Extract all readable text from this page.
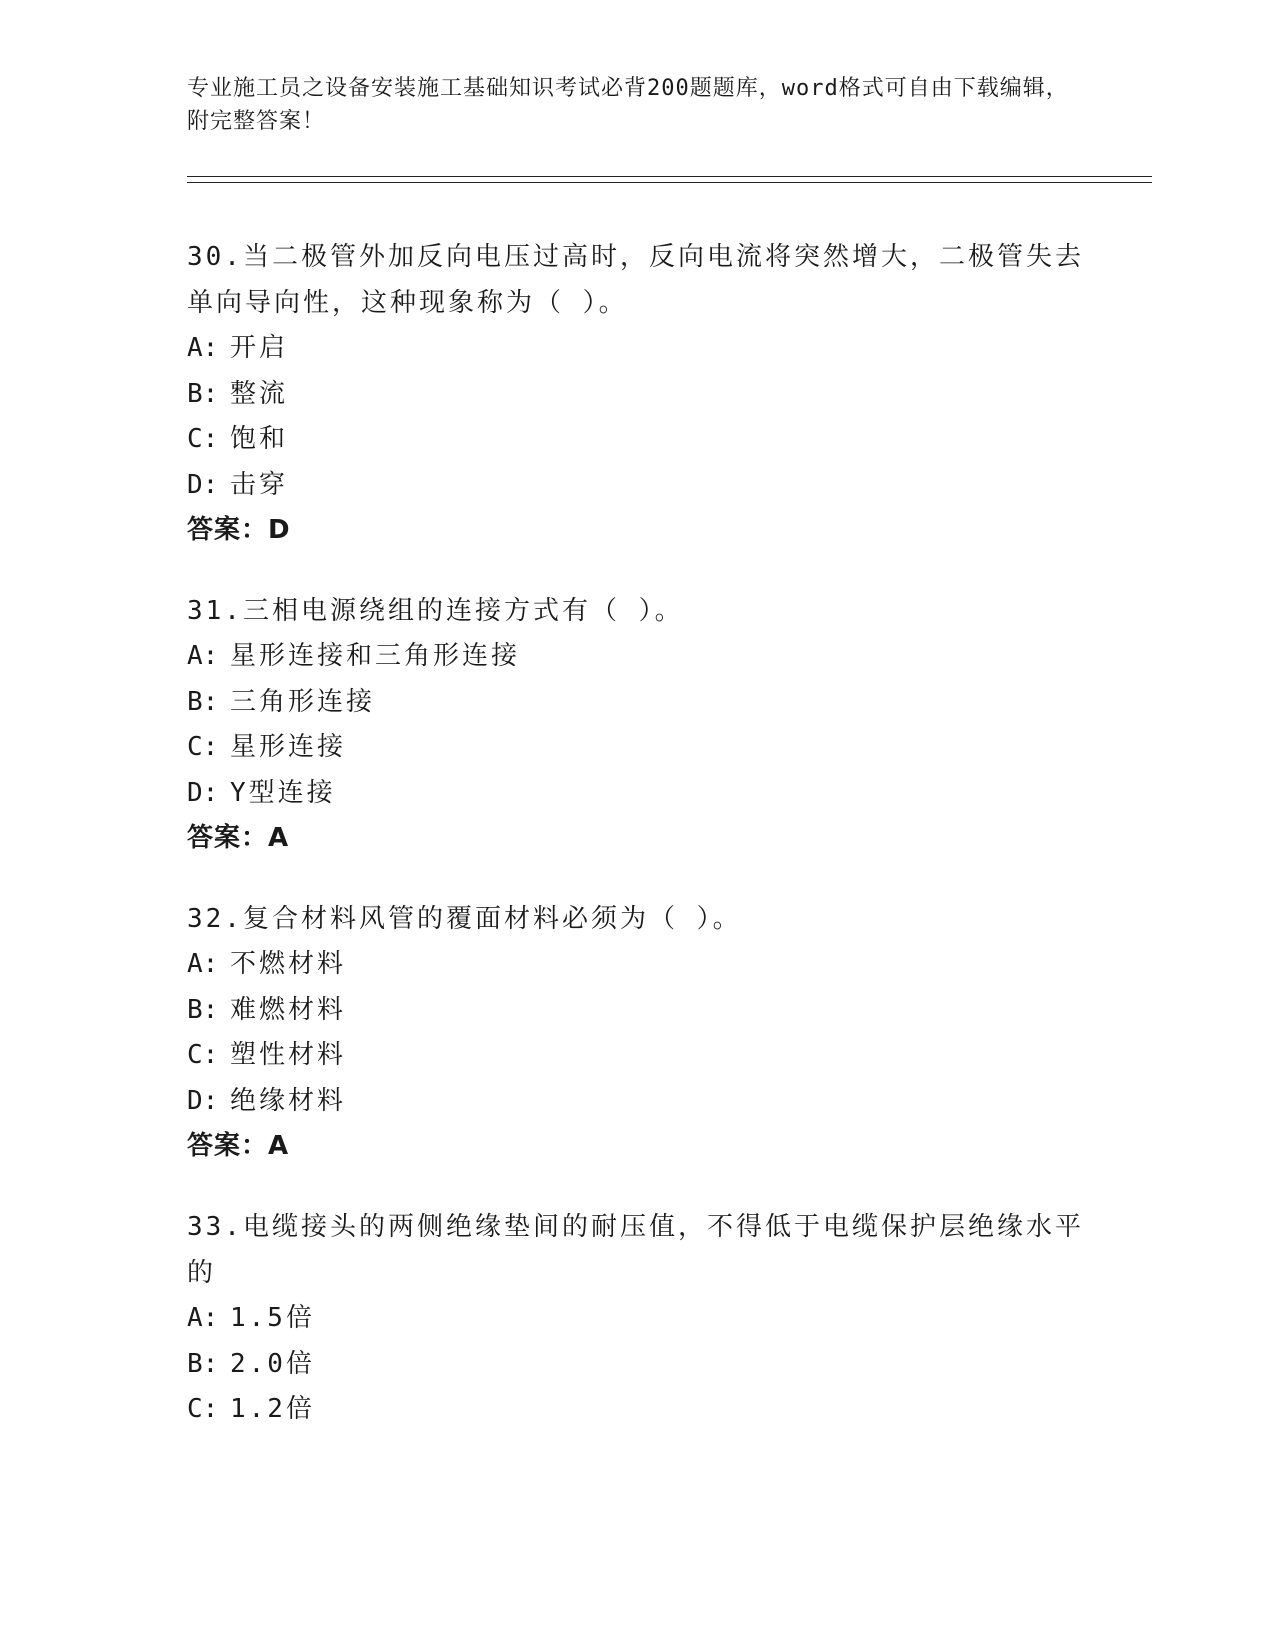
专业施工员之设备安装施工基础知识考试必背200题题库，word格式可自由下载编辑，附完整答案！
30.当二极管外加反向电压过高时，反向电流将突然增大，二极管失去单向导向性，这种现象称为（ ）。
A: 开启
B: 整流
C: 饱和
D: 击穿
答案：D
31.三相电源绕组的连接方式有（ ）。
A: 星形连接和三角形连接
B: 三角形连接
C: 星形连接
D: Y型连接
答案：A
32.复合材料风管的覆面材料必须为（ ）。
A: 不燃材料
B: 难燃材料
C: 塑性材料
D: 绝缘材料
答案：A
33.电缆接头的两侧绝缘垫间的耐压值，不得低于电缆保护层绝缘水平的
A: 1.5倍
B: 2.0倍
C: 1.2倍
